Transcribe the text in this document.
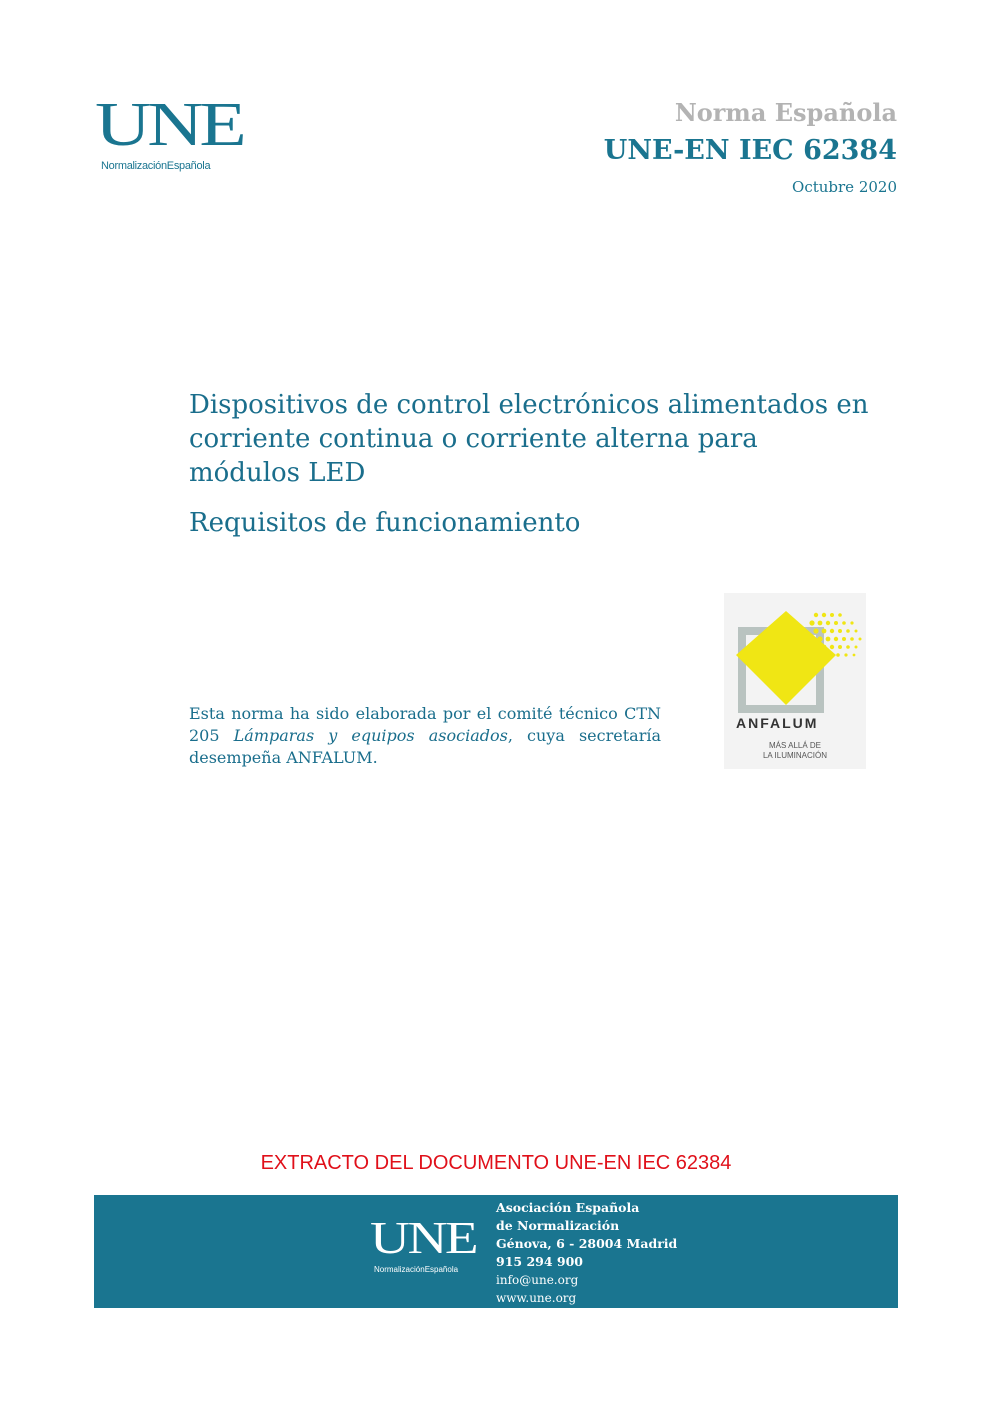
UNE
NormalizaciónEspañola
Norma Española
UNE-EN IEC 62384
Octubre 2020
Dispositivos de control electrónicos alimentados en corriente continua o corriente alterna para módulos LED
Requisitos de funcionamiento
Esta norma ha sido elaborada por el comité técnico CTN 205 Lámparas y equipos asociados, cuya secretaría desempeña ANFALUM.
ANFALUM
MÁS ALLÁ DE
LA ILUMINACIÓN
EXTRACTO DEL DOCUMENTO UNE-EN IEC 62384
UNE
NormalizaciónEspañola
Asociación Española
de Normalización
Génova, 6 - 28004 Madrid
915 294 900
info@une.org
www.une.org
